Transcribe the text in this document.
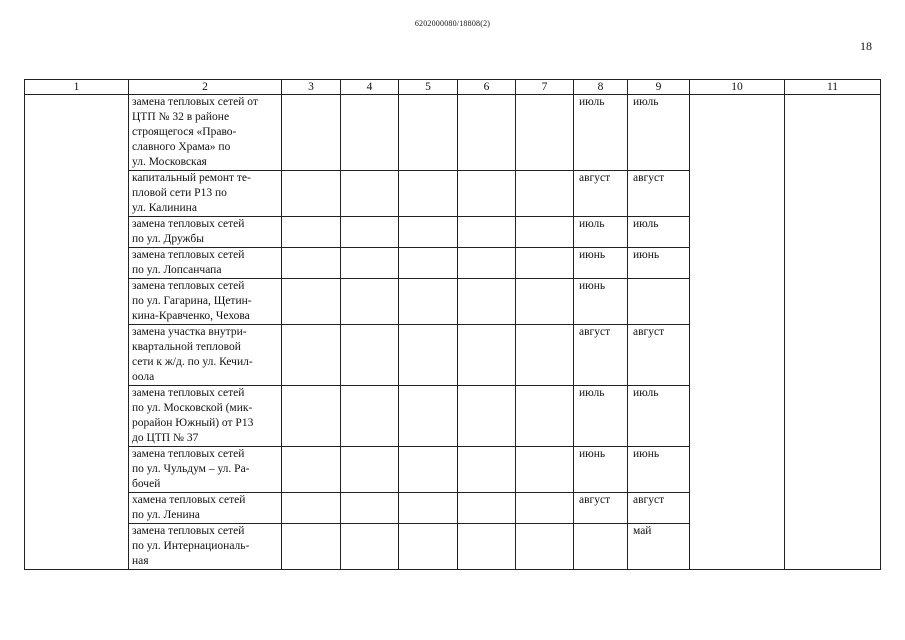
6202000080/18808(2)
18
1	2	3	4	5	6	7	8	9	10	11
	замена тепловых сетей от
ЦТП № 32 в районе
строящегося «Право-
славного Храма» по
ул. Московская						июль	июль		
	капитальный ремонт те-
пловой сети Р13 по
ул. Калинина						август	август		
	замена тепловых сетей
по ул. Дружбы						июль	июль		
	замена тепловых сетей
по ул. Лопсанчапа						июнь	июнь		
	замена тепловых сетей
по ул. Гагарина, Щетин-
кина-Кравченко, Чехова						июнь			
	замена участка внутри-
квартальной тепловой
сети к ж/д. по ул. Кечил-
оола						август	август		
	замена тепловых сетей
по ул. Московской (мик-
рорайон Южный) от Р13
до ЦТП № 37						июль	июль		
	замена тепловых сетей
по ул. Чульдум – ул. Ра-
бочей						июнь	июнь		
	хамена тепловых сетей
по ул. Ленина						август	август		
	замена тепловых сетей
по ул. Интернациональ-
ная							май		
